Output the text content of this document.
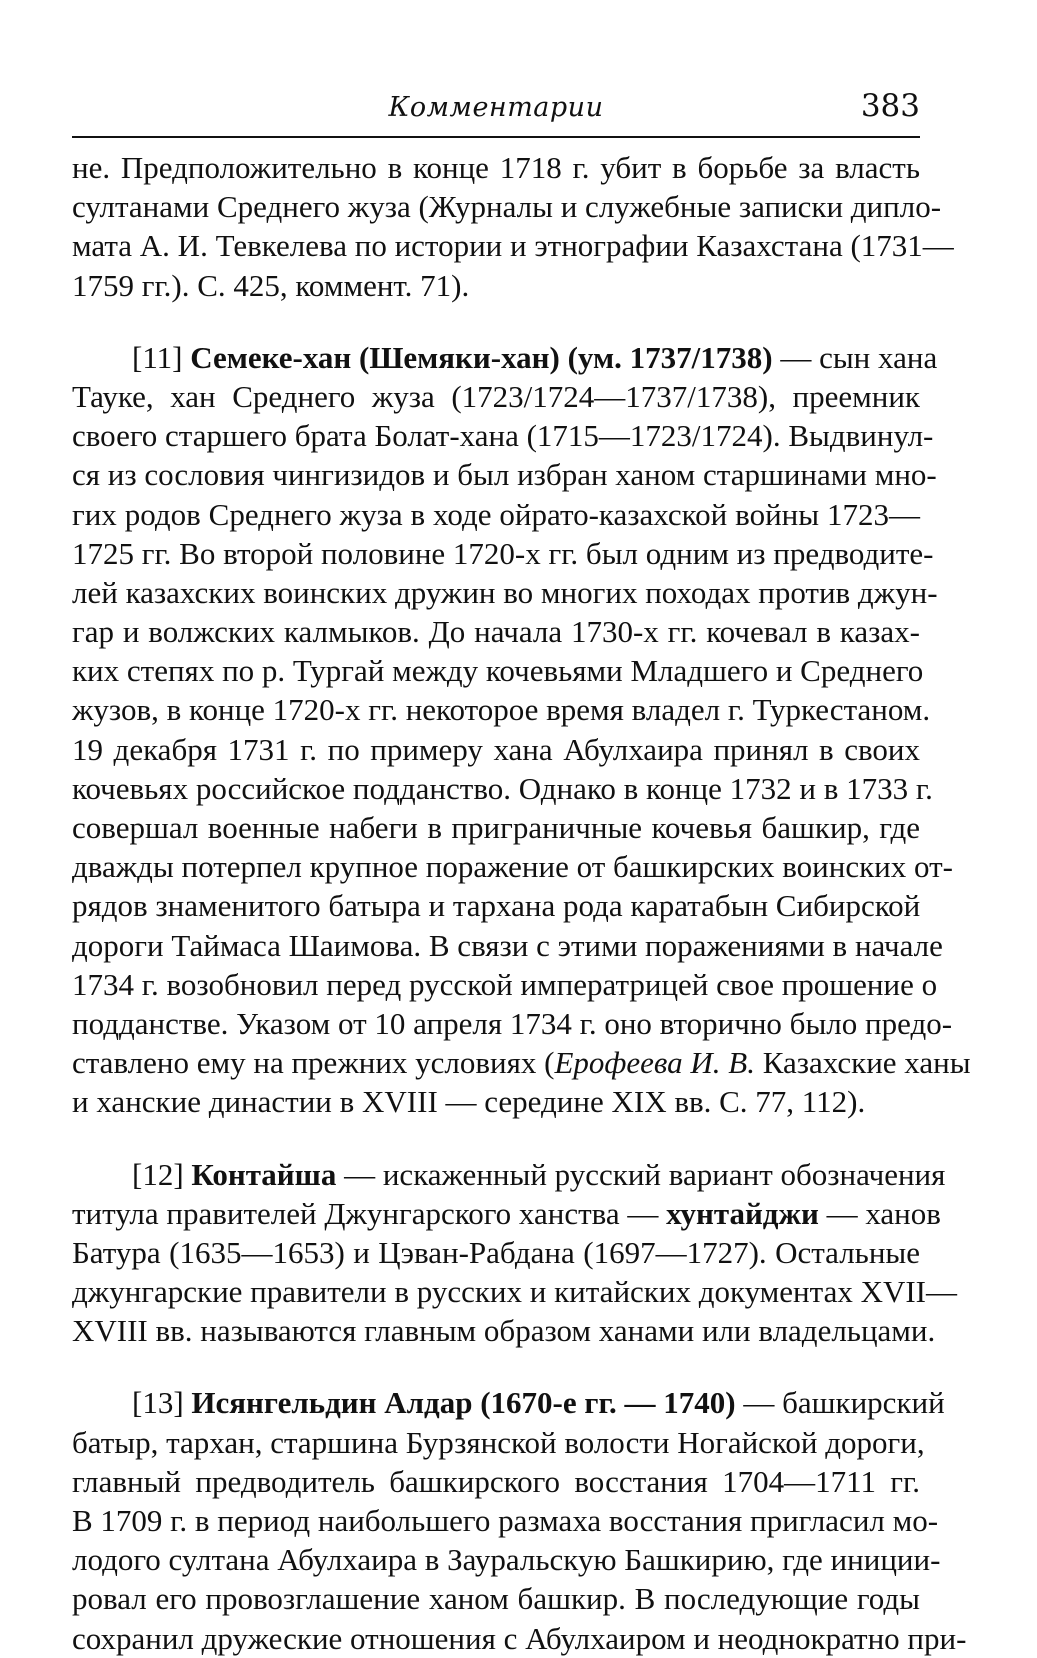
Комментарии	383
не. Предположительно в конце 1718 г. убит в борьбе за власть
султанами Среднего жуза (Журналы и служебные записки дипло-
мата А. И. Тевкелева по истории и этнографии Казахстана (1731—
1759 гг.). С. 425, коммент. 71).
[11] Семеке-хан (Шемяки-хан) (ум. 1737/1738) — сын хана
Тауке, хан Среднего жуза (1723/1724—1737/1738), преемник
своего старшего брата Болат-хана (1715—1723/1724). Выдвинул-
ся из сословия чингизидов и был избран ханом старшинами мно-
гих родов Среднего жуза в ходе ойрато-казахской войны 1723—
1725 гг. Во второй половине 1720-х гг. был одним из предводите-
лей казахских воинских дружин во многих походах против джун-
гар и волжских калмыков. До начала 1730-х гг. кочевал в казах-
ких степях по р. Тургай между кочевьями Младшего и Среднего
жузов, в конце 1720-х гг. некоторое время владел г. Туркестаном.
19 декабря 1731 г. по примеру хана Абулхаира принял в своих
кочевьях российское подданство. Однако в конце 1732 и в 1733 г.
совершал военные набеги в приграничные кочевья башкир, где
дважды потерпел крупное поражение от башкирских воинских от-
рядов знаменитого батыра и тархана рода каратабын Сибирской
дороги Таймаса Шаимова. В связи с этими поражениями в начале
1734 г. возобновил перед русской императрицей свое прошение о
подданстве. Указом от 10 апреля 1734 г. оно вторично было предо-
ставлено ему на прежних условиях (Ерофеева И. В. Казахские ханы
и ханские династии в XVIII — середине XIX вв. С. 77, 112).
[12] Контайша — искаженный русский вариант обозначения
титула правителей Джунгарского ханства — хунтайджи — ханов
Батура (1635—1653) и Цэван-Рабдана (1697—1727). Остальные
джунгарские правители в русских и китайских документах XVII—
XVIII вв. называются главным образом ханами или владельцами.
[13] Исянгельдин Алдар (1670-е гг. — 1740) — башкирский
батыр, тархан, старшина Бурзянской волости Ногайской дороги,
главный предводитель башкирского восстания 1704—1711 гг.
В 1709 г. в период наибольшего размаха восстания пригласил мо-
лодого султана Абулхаира в Зауральскую Башкирию, где иниции-
ровал его провозглашение ханом башкир. В последующие годы
сохранил дружеские отношения с Абулхаиром и неоднократно при-
